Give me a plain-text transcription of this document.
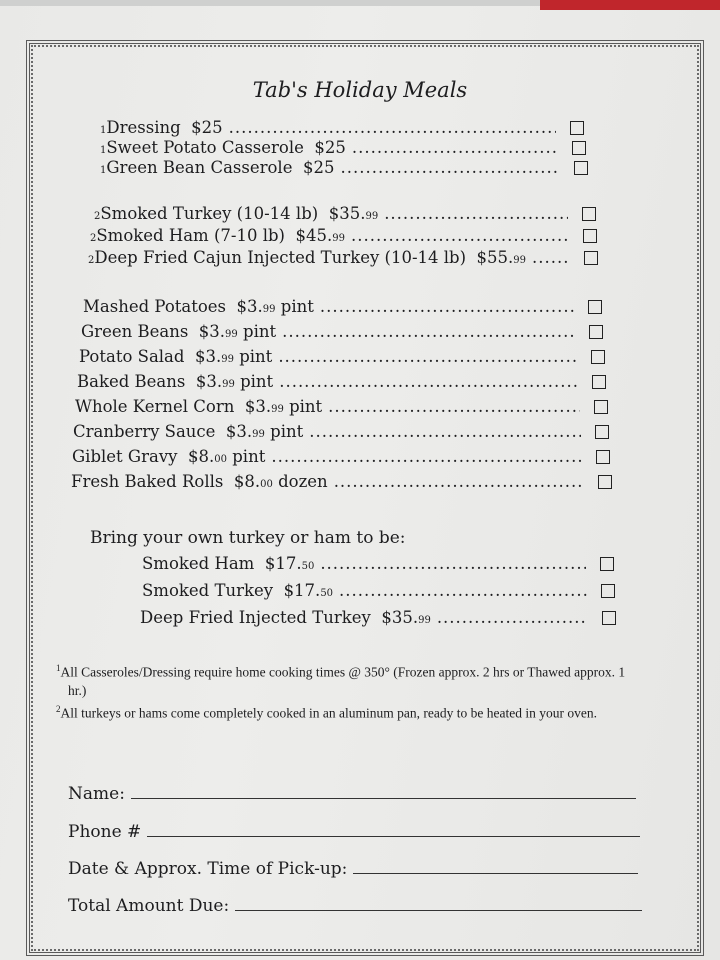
Tab's Holiday Meals
1 Dressing
$25
.....
1 Sweet Potato Casserole
$25
.....
1 Green Bean Casserole
$25
.....
2 Smoked Turkey (10-14 lb)
$35. 99
.....
2 Smoked Ham (7-10 lb)
$45. 99
.....
2 Deep Fried Cajun Injected Turkey (10-14 lb)
$55. 99
.....
Mashed Potatoes
$3. 99
pint
.....
Green Beans
$3. 99
pint
.....
Potato Salad
$3. 99
pint
.....
Baked Beans
$3. 99
pint
.....
Whole Kernel Corn
$3. 99
pint
.....
Cranberry Sauce
$3. 99
pint
.....
Giblet Gravy
$8. 00
pint
.....
Fresh Baked Rolls
$8. 00
dozen
.....
Smoked Ham
$17. 50
.....
Smoked Turkey
$17. 50
.....
Deep Fried Injected Turkey
$35. 99
.....
Bring your own turkey or ham to be:

$^1$All Casseroles/Dressing require home cooking times @ 350° (Frozen approx. 2 hrs or Thawed approx. 1 hr.)

$^2$All turkeys or hams come completely cooked in an aluminum pan, ready to be heated in your oven.

Name:
Phone #
Date & Approx. Time of Pick-up:
Total Amount Due:
